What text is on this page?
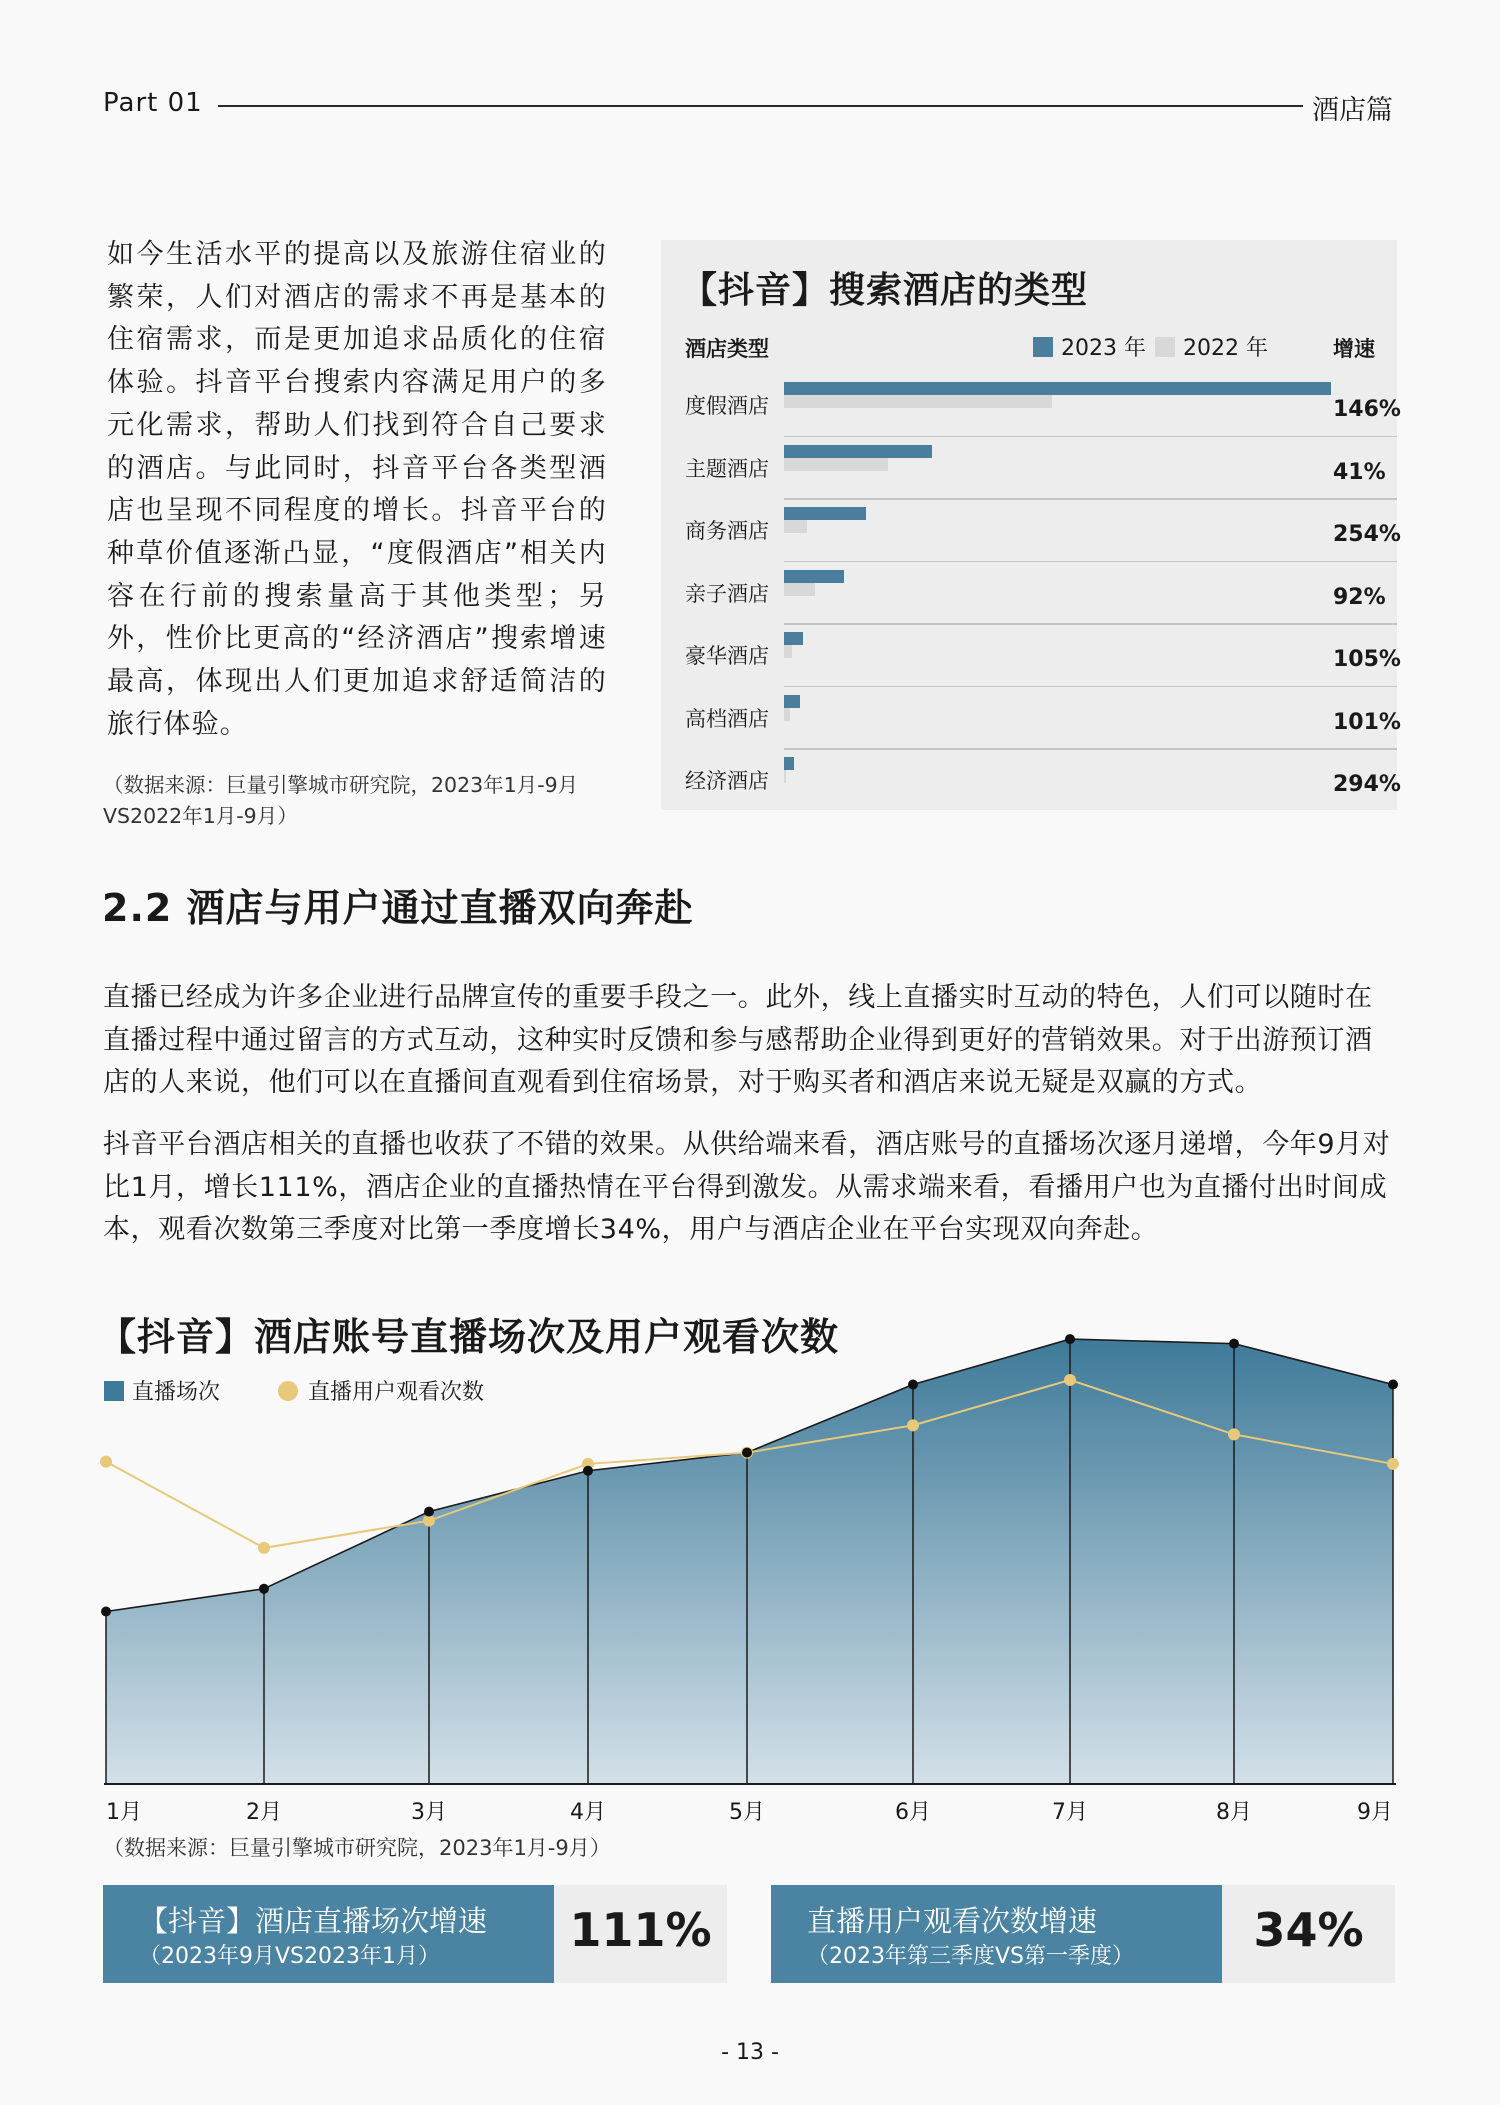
Part 01	酒店篇
如今生活水平的提高以及旅游住宿业的繁荣，人们对酒店的需求不再是基本的住宿需求，而是更加追求品质化的住宿体验。抖音平台搜索内容满足用户的多元化需求，帮助人们找到符合自己要求的酒店。与此同时，抖音平台各类型酒店也呈现不同程度的增长。抖音平台的种草价值逐渐凸显，“度假酒店”相关内容在行前的搜索量高于其他类型；另外，性价比更高的“经济酒店”搜索增速最高，体现出人们更加追求舒适简洁的旅行体验。
（数据来源：巨量引擎城市研究院，2023年1月-9月VS2022年1月-9月）
【抖音】搜索酒店的类型
酒店类型	2023 年 2022 年	增速
度假酒店	146%
主题酒店	41%
商务酒店	254%
亲子酒店	92%
豪华酒店	105%
高档酒店	101%
经济酒店	294%
2.2 酒店与用户通过直播双向奔赴
直播已经成为许多企业进行品牌宣传的重要手段之一。此外，线上直播实时互动的特色，人们可以随时在直播过程中通过留言的方式互动，这种实时反馈和参与感帮助企业得到更好的营销效果。对于出游预订酒店的人来说，他们可以在直播间直观看到住宿场景，对于购买者和酒店来说无疑是双赢的方式。
抖音平台酒店相关的直播也收获了不错的效果。从供给端来看，酒店账号的直播场次逐月递增，今年9月对比1月，增长111%，酒店企业的直播热情在平台得到激发。从需求端来看，看播用户也为直播付出时间成本，观看次数第三季度对比第一季度增长34%，用户与酒店企业在平台实现双向奔赴。
【抖音】酒店账号直播场次及用户观看次数
直播场次	直播用户观看次数
1月	2月	3月	4月	5月	6月	7月	8月	9月
（数据来源：巨量引擎城市研究院，2023年1月-9月）
【抖音】酒店直播场次增速
（2023年9月VS2023年1月）	111%	直播用户观看次数增速
（2023年第三季度VS第一季度）	34%
- 13 -
